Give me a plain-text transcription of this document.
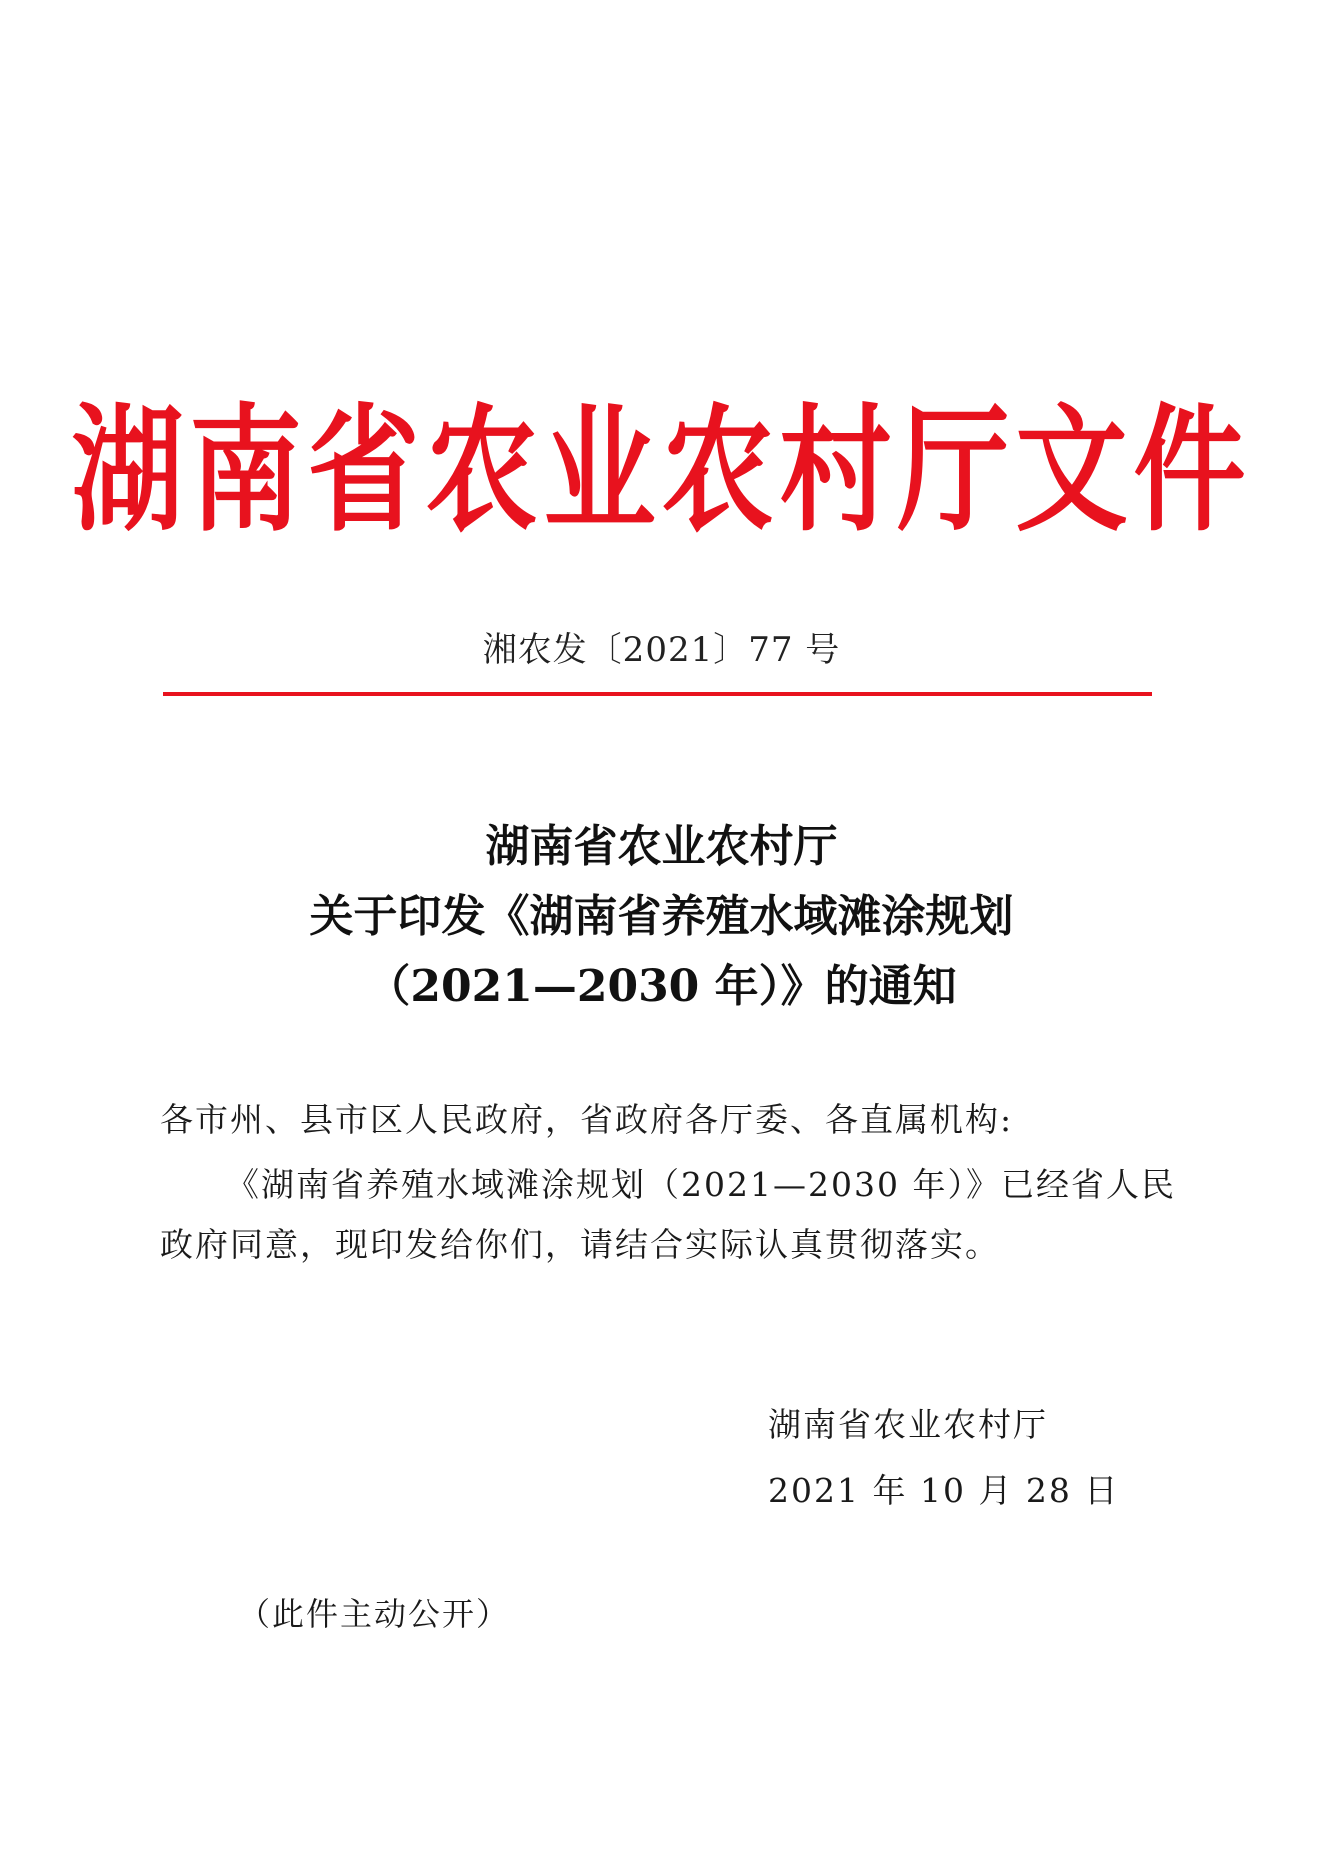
湖南省农业农村厅文件
湘农发〔2021〕77 号
湖南省农业农村厅
关于印发《湖南省养殖水域滩涂规划
（2021—2030 年）》的通知
各市州、县市区人民政府，省政府各厅委、各直属机构:
《湖南省养殖水域滩涂规划（2021—2030 年）》已经省人民政府同意，现印发给你们，请结合实际认真贯彻落实。
湖南省农业农村厅
2021 年 10 月 28 日
（此件主动公开）
